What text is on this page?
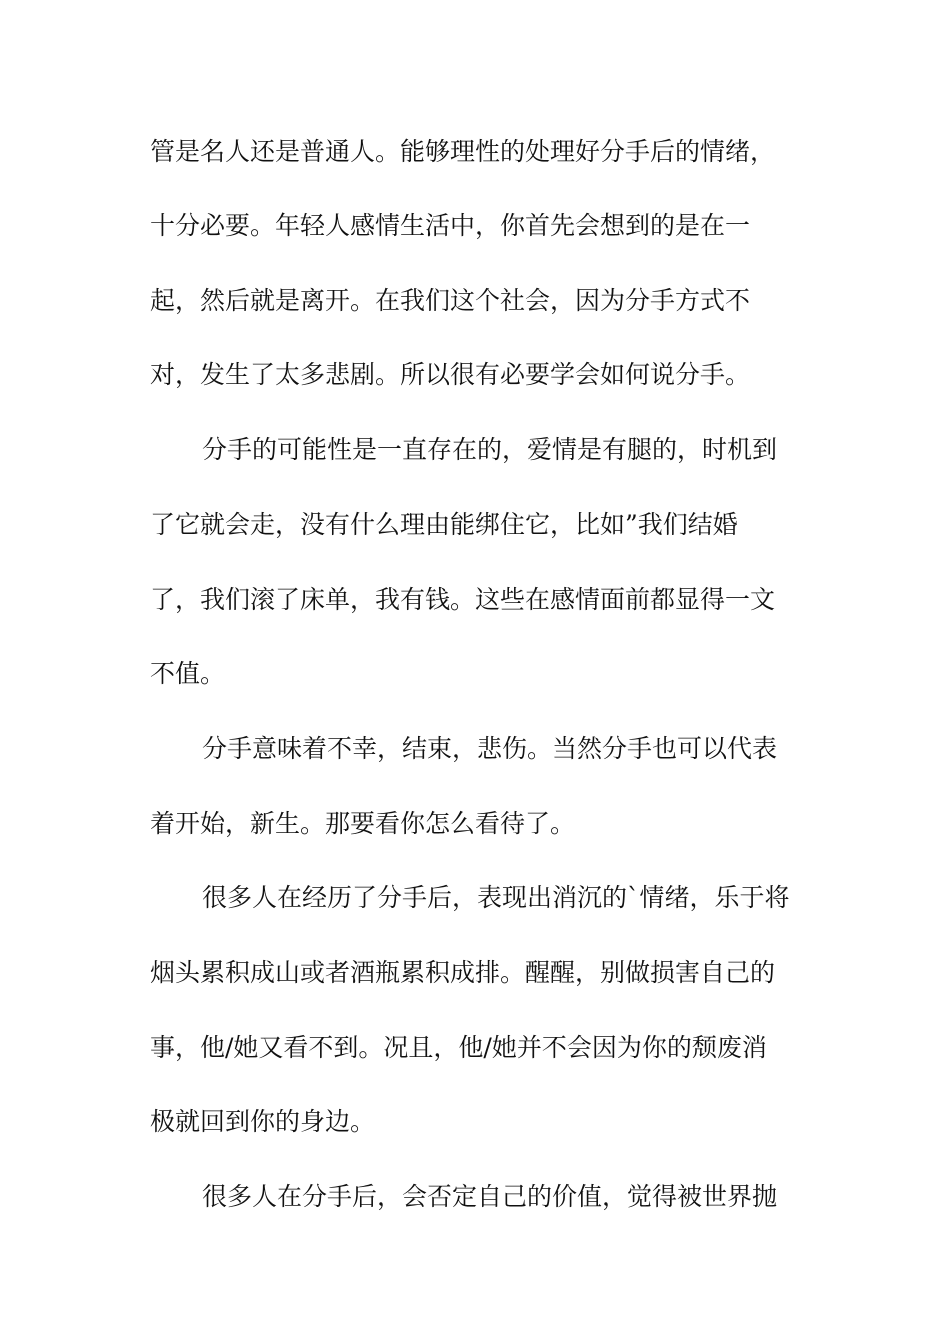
管是名人还是普通人。能够理性的处理好分手后的情绪，
十分必要。年轻人感情生活中，你首先会想到的是在一
起，然后就是离开。在我们这个社会，因为分手方式不
对，发生了太多悲剧。所以很有必要学会如何说分手。
分手的可能性是一直存在的，爱情是有腿的，时机到
了它就会走，没有什么理由能绑住它，比如”我们结婚
了，我们滚了床单，我有钱。这些在感情面前都显得一文
不值。
分手意味着不幸，结束，悲伤。当然分手也可以代表
着开始，新生。那要看你怎么看待了。
很多人在经历了分手后，表现出消沉的`情绪，乐于将
烟头累积成山或者酒瓶累积成排。醒醒，别做损害自己的
事，他/她又看不到。况且，他/她并不会因为你的颓废消
极就回到你的身边。
很多人在分手后，会否定自己的价值，觉得被世界抛
